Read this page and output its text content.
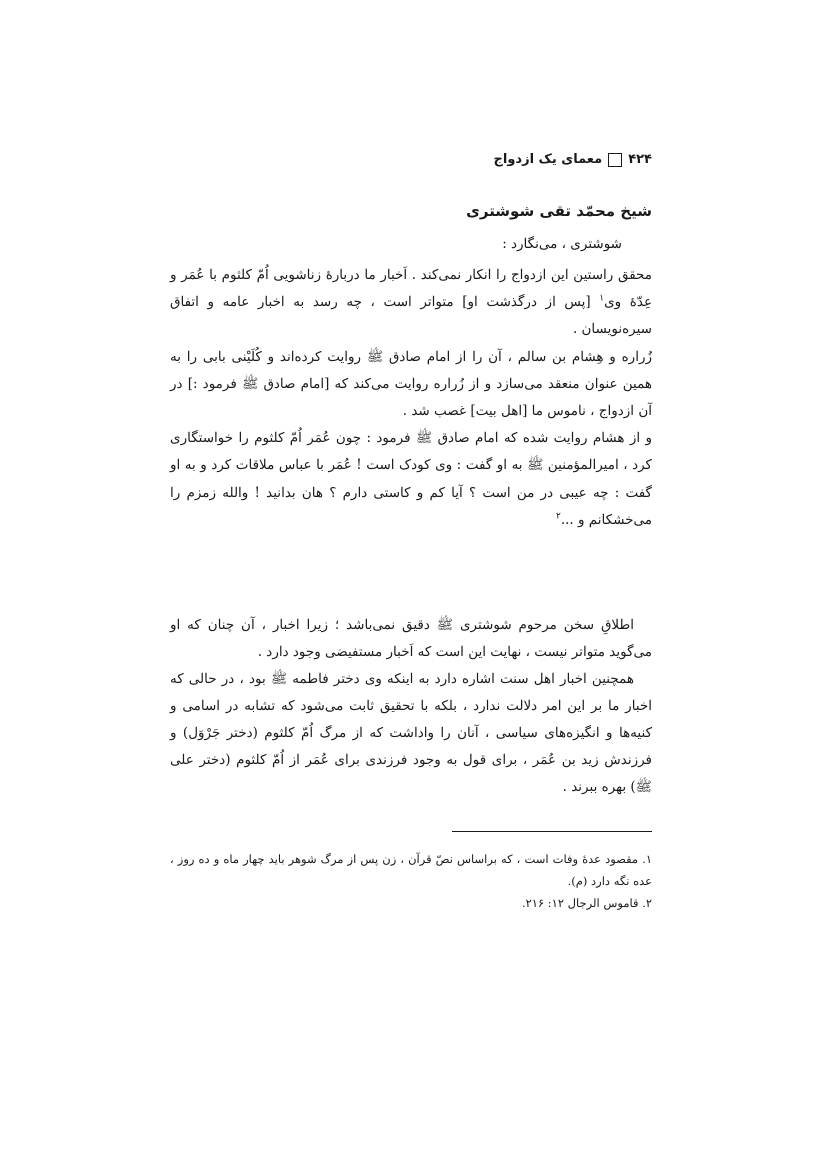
۴۲۴
معمای یک ازدواج
شیخ محمّد تقی شوشتری

شوشتری ، می‌نگارد :

محقق راستین این ازدواج را انکار نمی‌کند . اَخبار ما دربارهٔ زناشویی اُمّ کلثوم با عُمَر و عِدّهٔ وی$^۱$ [پس از درگذشت او] متواتر است ، چه رسد به اخبار عامه و اتفاق سیره‌نویسان .

زُراره و هِشام بن سالم ، آن را از امام صادق ﷺ روایت کرده‌اند و کُلَیْنی بابی را به همین عنوان منعقد می‌سازد و از زُراره روایت می‌کند که [امام صادق ﷺ فرمود :] در آن ازدواج ، ناموس ما [اهل بیت] غصب شد .

و از هشام روایت شده که امام صادق ﷺ فرمود : چون عُمَر اُمّ کلثوم را خواستگاری کرد ، امیرالمؤمنین ﷺ به او گفت : وی کودک است ! عُمَر با عباس ملاقات کرد و به او گفت : چه عیبی در من است ؟ آیا کم و کاستی دارم ؟ هان بدانید ! والله زمزم را می‌خشکانم و ...$^۲$

اطلاقِ سخن مرحوم شوشتری ﷺ دقیق نمی‌باشد ؛ زیرا اخبار ، آن چنان که او می‌گوید متواتر نیست ، نهایت این است که اَخبار مستفیضی وجود دارد .

همچنین اخبار اهل سنت اشاره دارد به اینکه وی دختر فاطمه ﷺ بود ، در حالی که اخبار ما بر این امر دلالت ندارد ، بلکه با تحقیق ثابت می‌شود که تشابه در اسامی و کنیه‌ها و انگیزه‌های سیاسی ، آنان را واداشت که از مرگ اُمّ کلثوم (دختر جَرْوَل) و فرزندش زید بن عُمَر ، برای قول به وجود فرزندی برای عُمَر از اُمّ کلثوم (دختر علی ﷺ) بهره ببرند .

۱. مقصود عدهٔ وفات است ، که براساس نصّ قرآن ، زن پس از مرگ شوهر باید چهار ماه و ده روز ، عده نگه دارد (م).

۲. قاموس الرجال ۱۲: ۲۱۶.
